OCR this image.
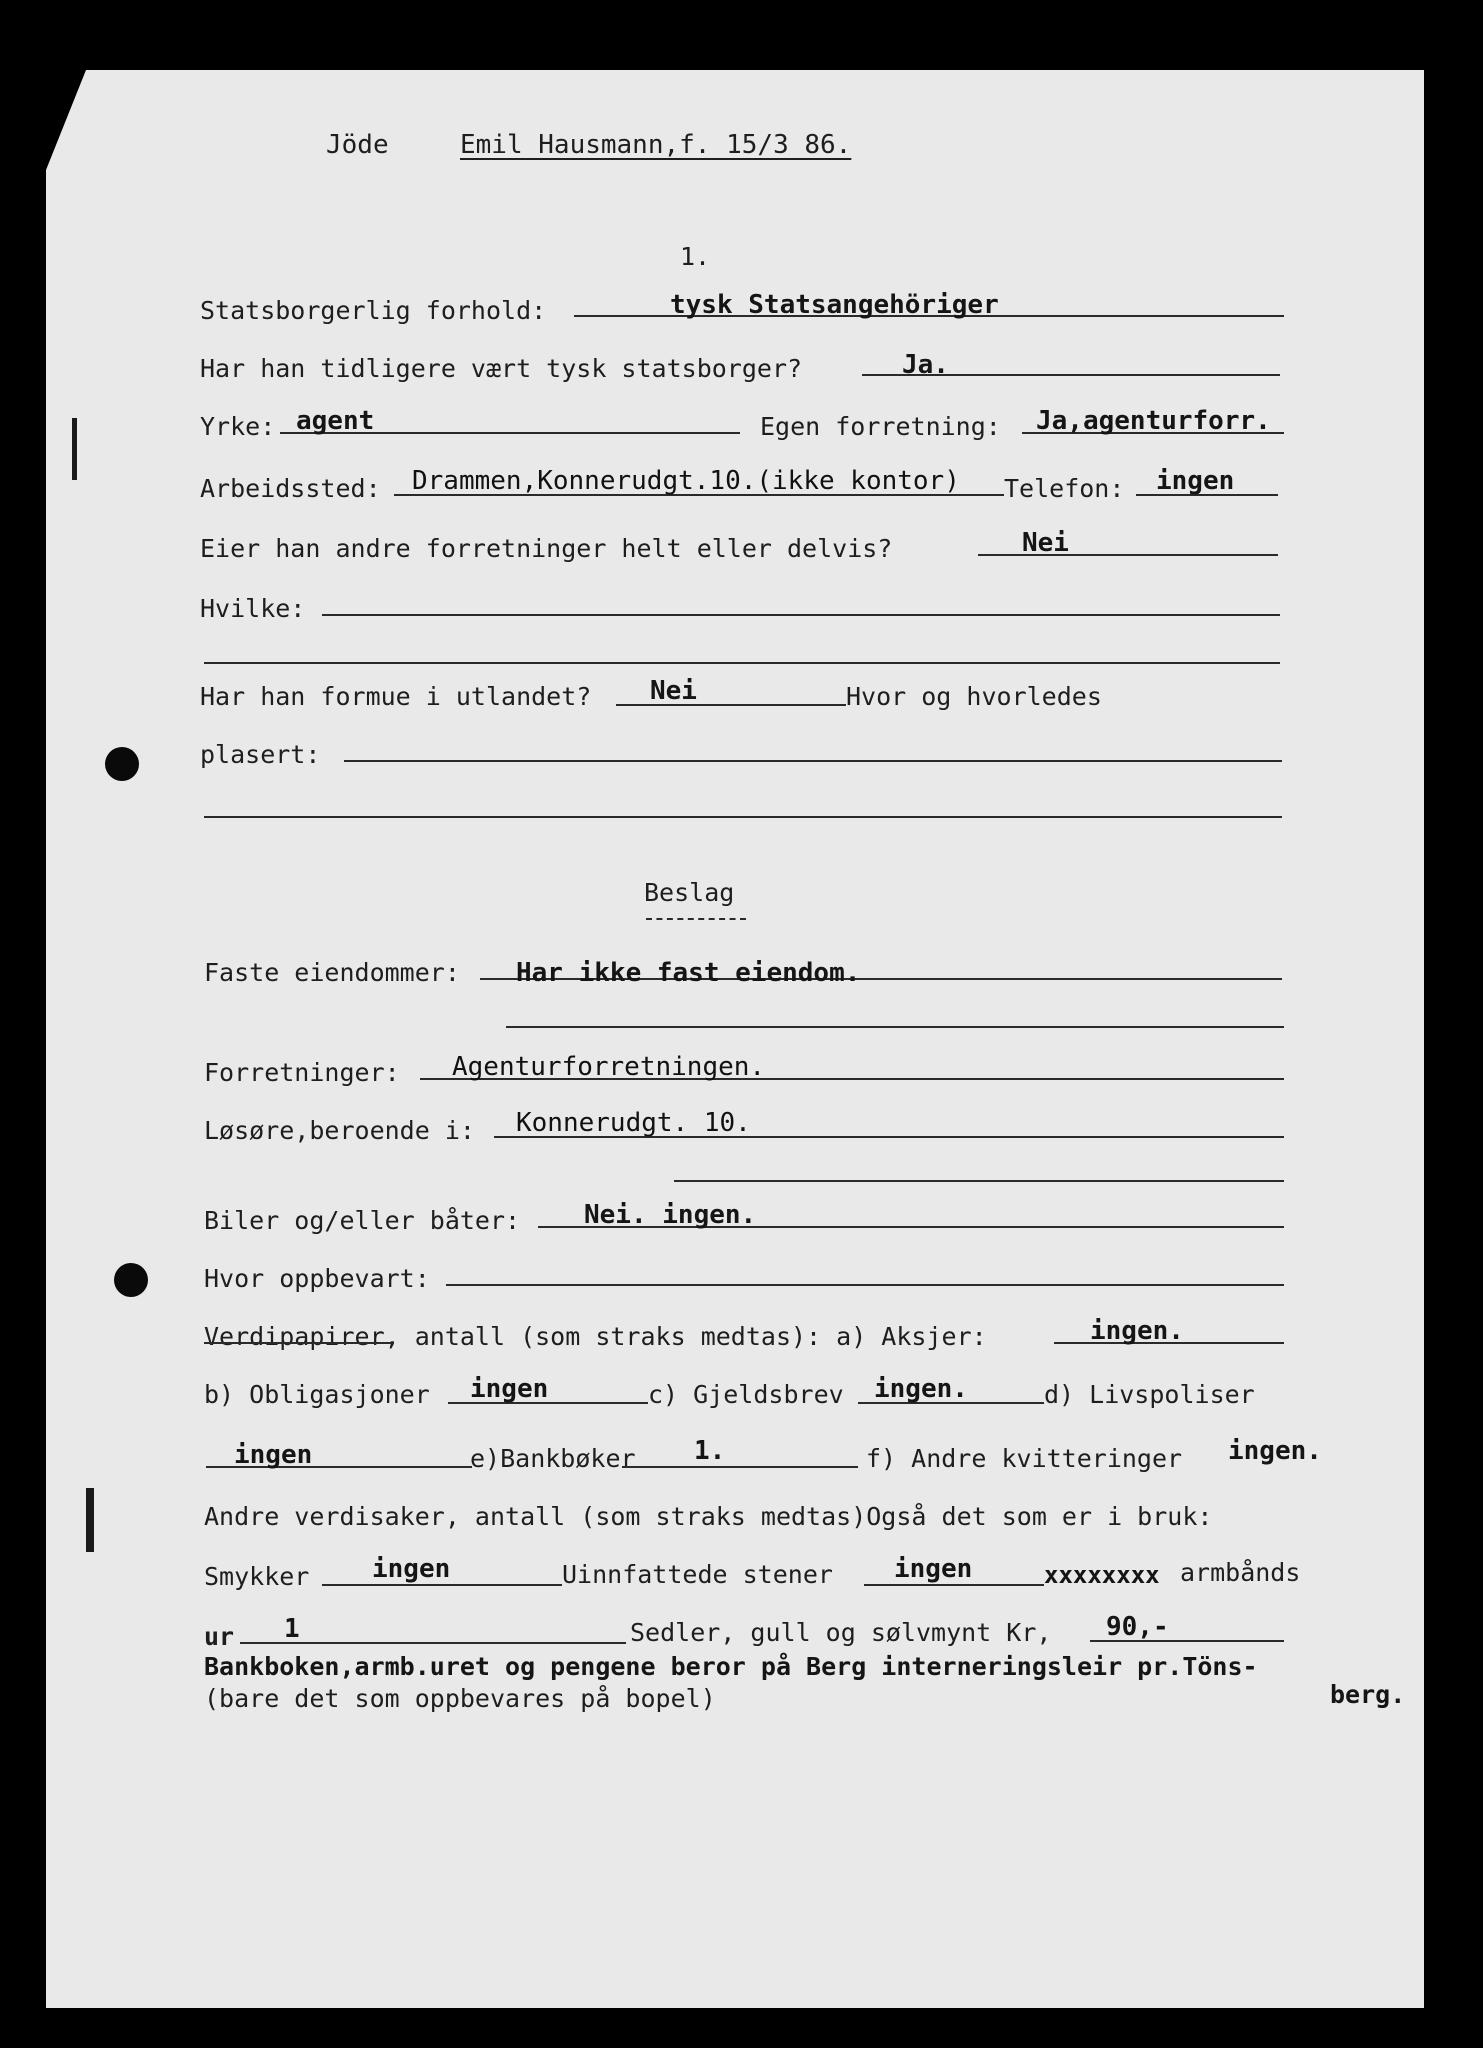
Jöde	Emil Hausmann,f. 15/3 86.
1.
Statsborgerlig forhold:	tysk Statsangehöriger
Har han tidligere vært tysk statsborger?	Ja.
Yrke: agent	Egen forretning: Ja,agenturforr.
Arbeidssted: Drammen,Konnerudgt.10.(ikke kontor) Telefon: ingen
Eier han andre forretninger helt eller delvis?	Nei
Hvilke:
Har han formue i utlandet? Nei	Hvor og hvorledes
plasert:
Beslag
Faste eiendommer: Har ikke fast eiendom.
Forretninger: Agenturforretningen.
Løsøre,beroende i: Konnerudgt. 10.
Biler og/eller båter: Nei. ingen.
Hvor oppbevart:
Verdipapirer, antall (som straks medtas): a) Aksjer:	ingen.
b) Obligasjoner ingen	c) Gjeldsbrev ingen.	d) Livspoliser
ingen	e)Bankbøker 1.	f) Andre kvitteringer ingen.
Andre verdisaker, antall (som straks medtas)Også det som er i bruk:
Smykker ingen	Uinnfattede stener ingen	xxxxxxxx armbånds
ur 1	Sedler, gull og sølvmynt Kr, 90,-
Bankboken,armb.uret og pengene beror på Berg interneringsleir pr.Töns-
berg.
(bare det som oppbevares på bopel)
